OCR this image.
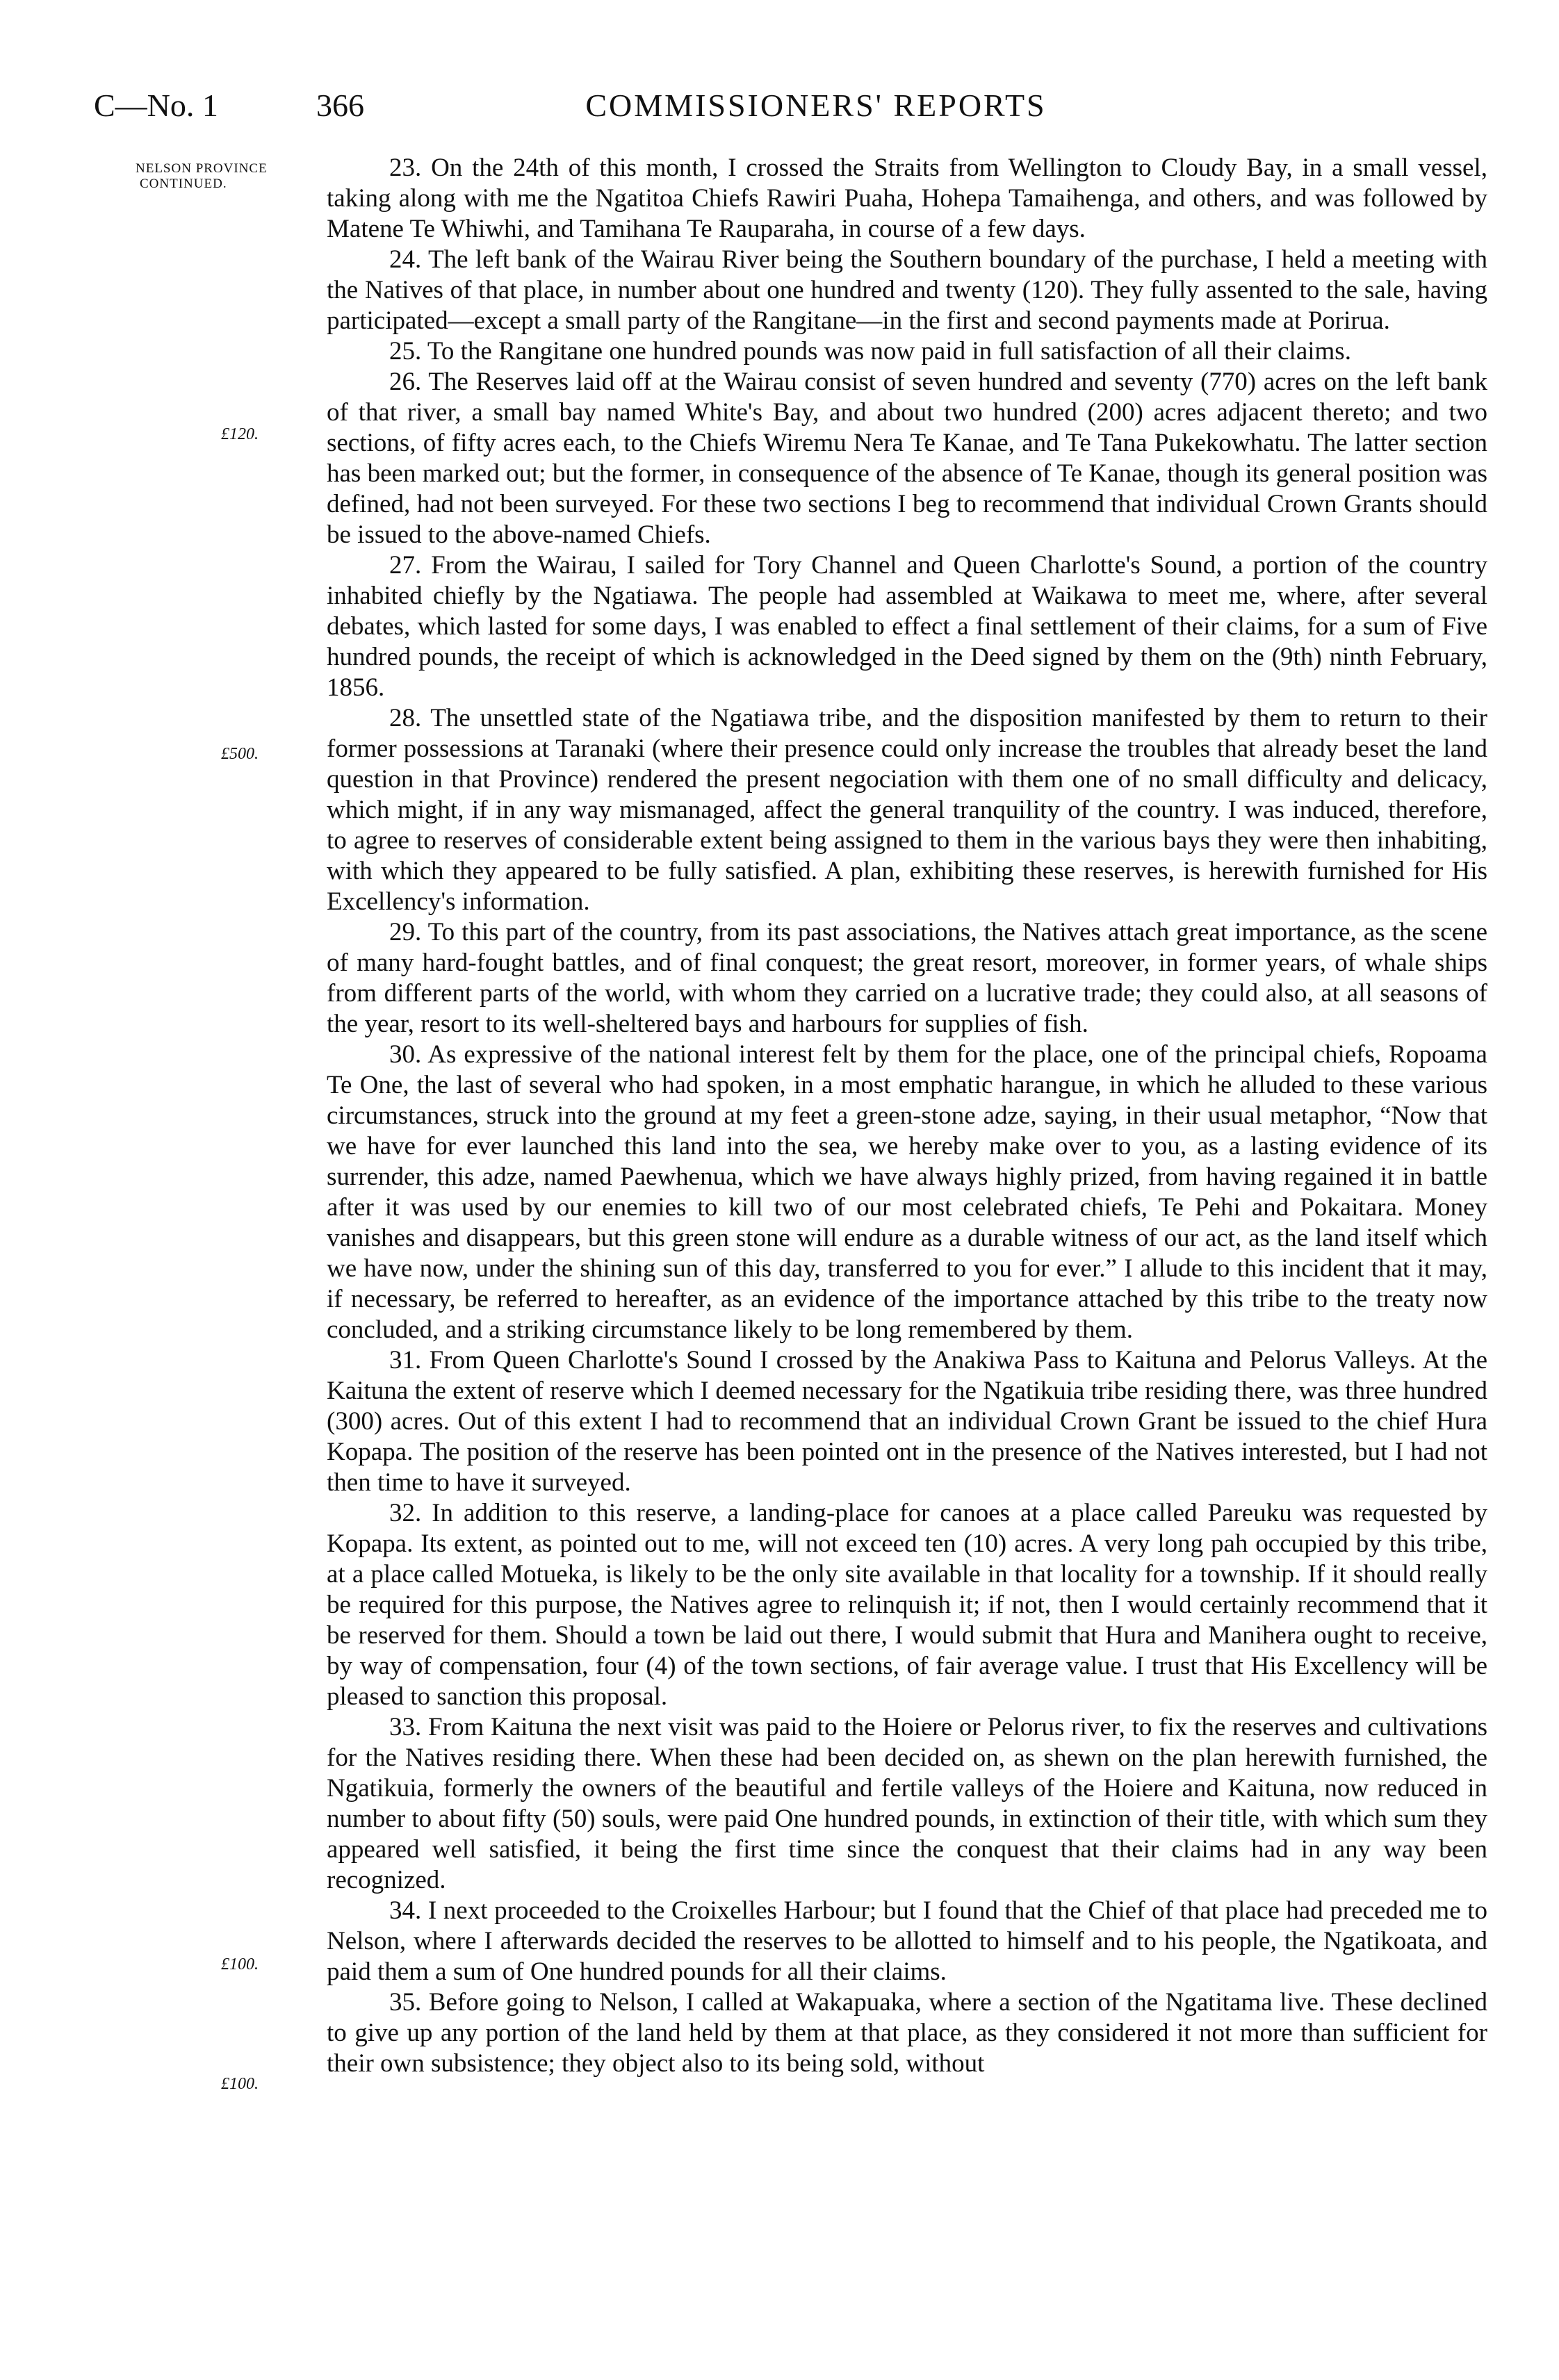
C—No. 1	366	COMMISSIONERS' REPORTS
NELSON PROVINCE
CONTINUED.
£120.
£500.
£100.
£100.

23. On the 24th of this month, I crossed the Straits from Wellington to Cloudy Bay, in a small vessel, taking along with me the Ngatitoa Chiefs Rawiri Puaha, Hohepa Tamaihenga, and others, and was followed by Matene Te Whiwhi, and Tamihana Te Rauparaha, in course of a few days.

24. The left bank of the Wairau River being the Southern boundary of the purchase, I held a meeting with the Natives of that place, in number about one hundred and twenty (120). They fully assented to the sale, having participated—except a small party of the Rangitane—in the first and second payments made at Porirua.

25. To the Rangitane one hundred pounds was now paid in full satisfaction of all their claims.

26. The Reserves laid off at the Wairau consist of seven hundred and seventy (770) acres on the left bank of that river, a small bay named White's Bay, and about two hundred (200) acres adjacent thereto; and two sections, of fifty acres each, to the Chiefs Wiremu Nera Te Kanae, and Te Tana Pukekowhatu. The latter section has been marked out; but the former, in consequence of the absence of Te Kanae, though its general position was defined, had not been surveyed. For these two sections I beg to recommend that individual Crown Grants should be issued to the above-named Chiefs.

27. From the Wairau, I sailed for Tory Channel and Queen Charlotte's Sound, a portion of the country inhabited chiefly by the Ngatiawa. The people had assembled at Waikawa to meet me, where, after several debates, which lasted for some days, I was enabled to effect a final settlement of their claims, for a sum of Five hundred pounds, the receipt of which is acknowledged in the Deed signed by them on the (9th) ninth February, 1856.

28. The unsettled state of the Ngatiawa tribe, and the disposition manifested by them to return to their former possessions at Taranaki (where their presence could only increase the troubles that already beset the land question in that Province) rendered the present negociation with them one of no small difficulty and delicacy, which might, if in any way mismanaged, affect the general tranquility of the country. I was induced, therefore, to agree to reserves of considerable extent being assigned to them in the various bays they were then inhabiting, with which they appeared to be fully satisfied. A plan, exhibiting these reserves, is herewith furnished for His Excellency's information.

29. To this part of the country, from its past associations, the Natives attach great importance, as the scene of many hard-fought battles, and of final conquest; the great resort, moreover, in former years, of whale ships from different parts of the world, with whom they carried on a lucrative trade; they could also, at all seasons of the year, resort to its well-sheltered bays and harbours for supplies of fish.

30. As expressive of the national interest felt by them for the place, one of the principal chiefs, Ropoama Te One, the last of several who had spoken, in a most emphatic harangue, in which he alluded to these various circumstances, struck into the ground at my feet a green-stone adze, saying, in their usual metaphor, “Now that we have for ever launched this land into the sea, we hereby make over to you, as a lasting evidence of its surrender, this adze, named Paewhenua, which we have always highly prized, from having regained it in battle after it was used by our enemies to kill two of our most celebrated chiefs, Te Pehi and Pokaitara. Money vanishes and disappears, but this green stone will endure as a durable witness of our act, as the land itself which we have now, under the shining sun of this day, transferred to you for ever.” I allude to this incident that it may, if necessary, be referred to hereafter, as an evidence of the importance attached by this tribe to the treaty now concluded, and a striking circumstance likely to be long remembered by them.

31. From Queen Charlotte's Sound I crossed by the Anakiwa Pass to Kaituna and Pelorus Valleys. At the Kaituna the extent of reserve which I deemed necessary for the Ngatikuia tribe residing there, was three hundred (300) acres. Out of this extent I had to recommend that an individual Crown Grant be issued to the chief Hura Kopapa. The position of the reserve has been pointed ont in the presence of the Natives interested, but I had not then time to have it surveyed.

32. In addition to this reserve, a landing-place for canoes at a place called Pareuku was requested by Kopapa. Its extent, as pointed out to me, will not exceed ten (10) acres. A very long pah occupied by this tribe, at a place called Motueka, is likely to be the only site available in that locality for a township. If it should really be required for this purpose, the Natives agree to relinquish it; if not, then I would certainly recommend that it be reserved for them. Should a town be laid out there, I would submit that Hura and Manihera ought to receive, by way of compensation, four (4) of the town sections, of fair average value. I trust that His Excellency will be pleased to sanction this proposal.

33. From Kaituna the next visit was paid to the Hoiere or Pelorus river, to fix the reserves and cultivations for the Natives residing there. When these had been decided on, as shewn on the plan herewith furnished, the Ngatikuia, formerly the owners of the beautiful and fertile valleys of the Hoiere and Kaituna, now reduced in number to about fifty (50) souls, were paid One hundred pounds, in extinction of their title, with which sum they appeared well satisfied, it being the first time since the conquest that their claims had in any way been recognized.

34. I next proceeded to the Croixelles Harbour; but I found that the Chief of that place had preceded me to Nelson, where I afterwards decided the reserves to be allotted to himself and to his people, the Ngatikoata, and paid them a sum of One hundred pounds for all their claims.

35. Before going to Nelson, I called at Wakapuaka, where a section of the Ngatitama live. These declined to give up any portion of the land held by them at that place, as they considered it not more than sufficient for their own subsistence; they object also to its being sold, without
